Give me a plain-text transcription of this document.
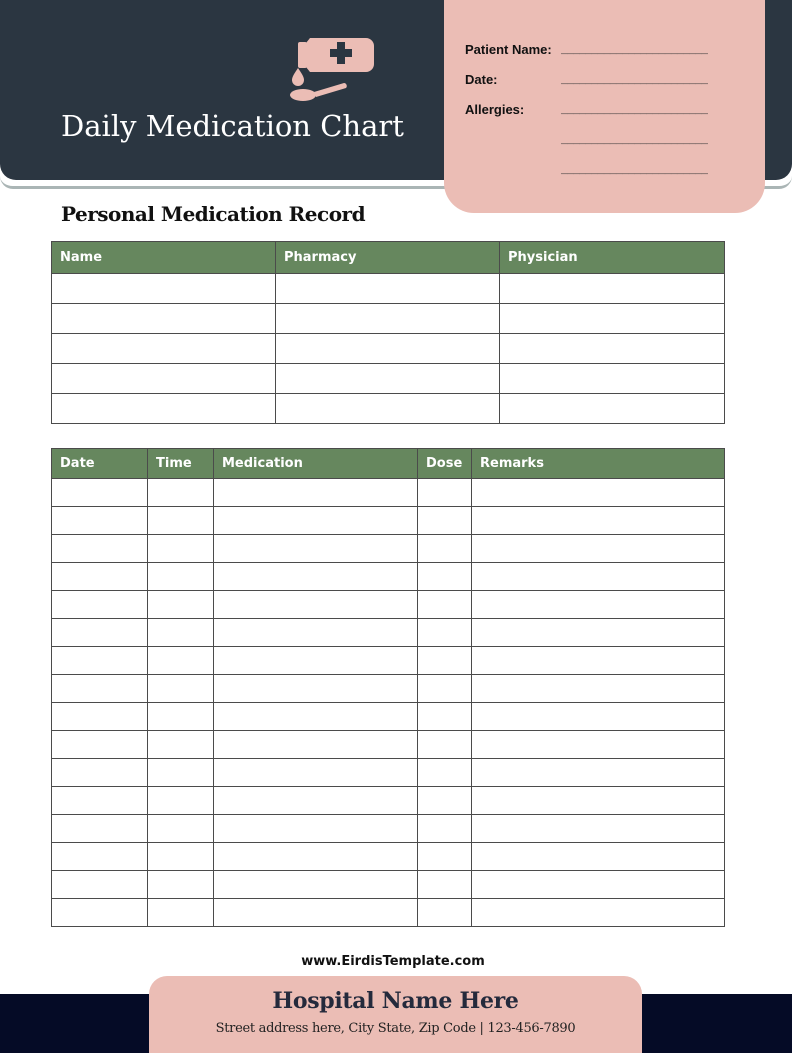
Daily Medication Chart
Patient Name: ________________________
Date:	________________________
Allergies:	________________________
________________________
________________________
Personal Medication Record
Name	Pharmacy	Physician

Date	Time	Medication	Dose	Remarks

www.EirdisTemplate.com
Hospital Name Here
Street address here, City State, Zip Code | 123-456-7890
